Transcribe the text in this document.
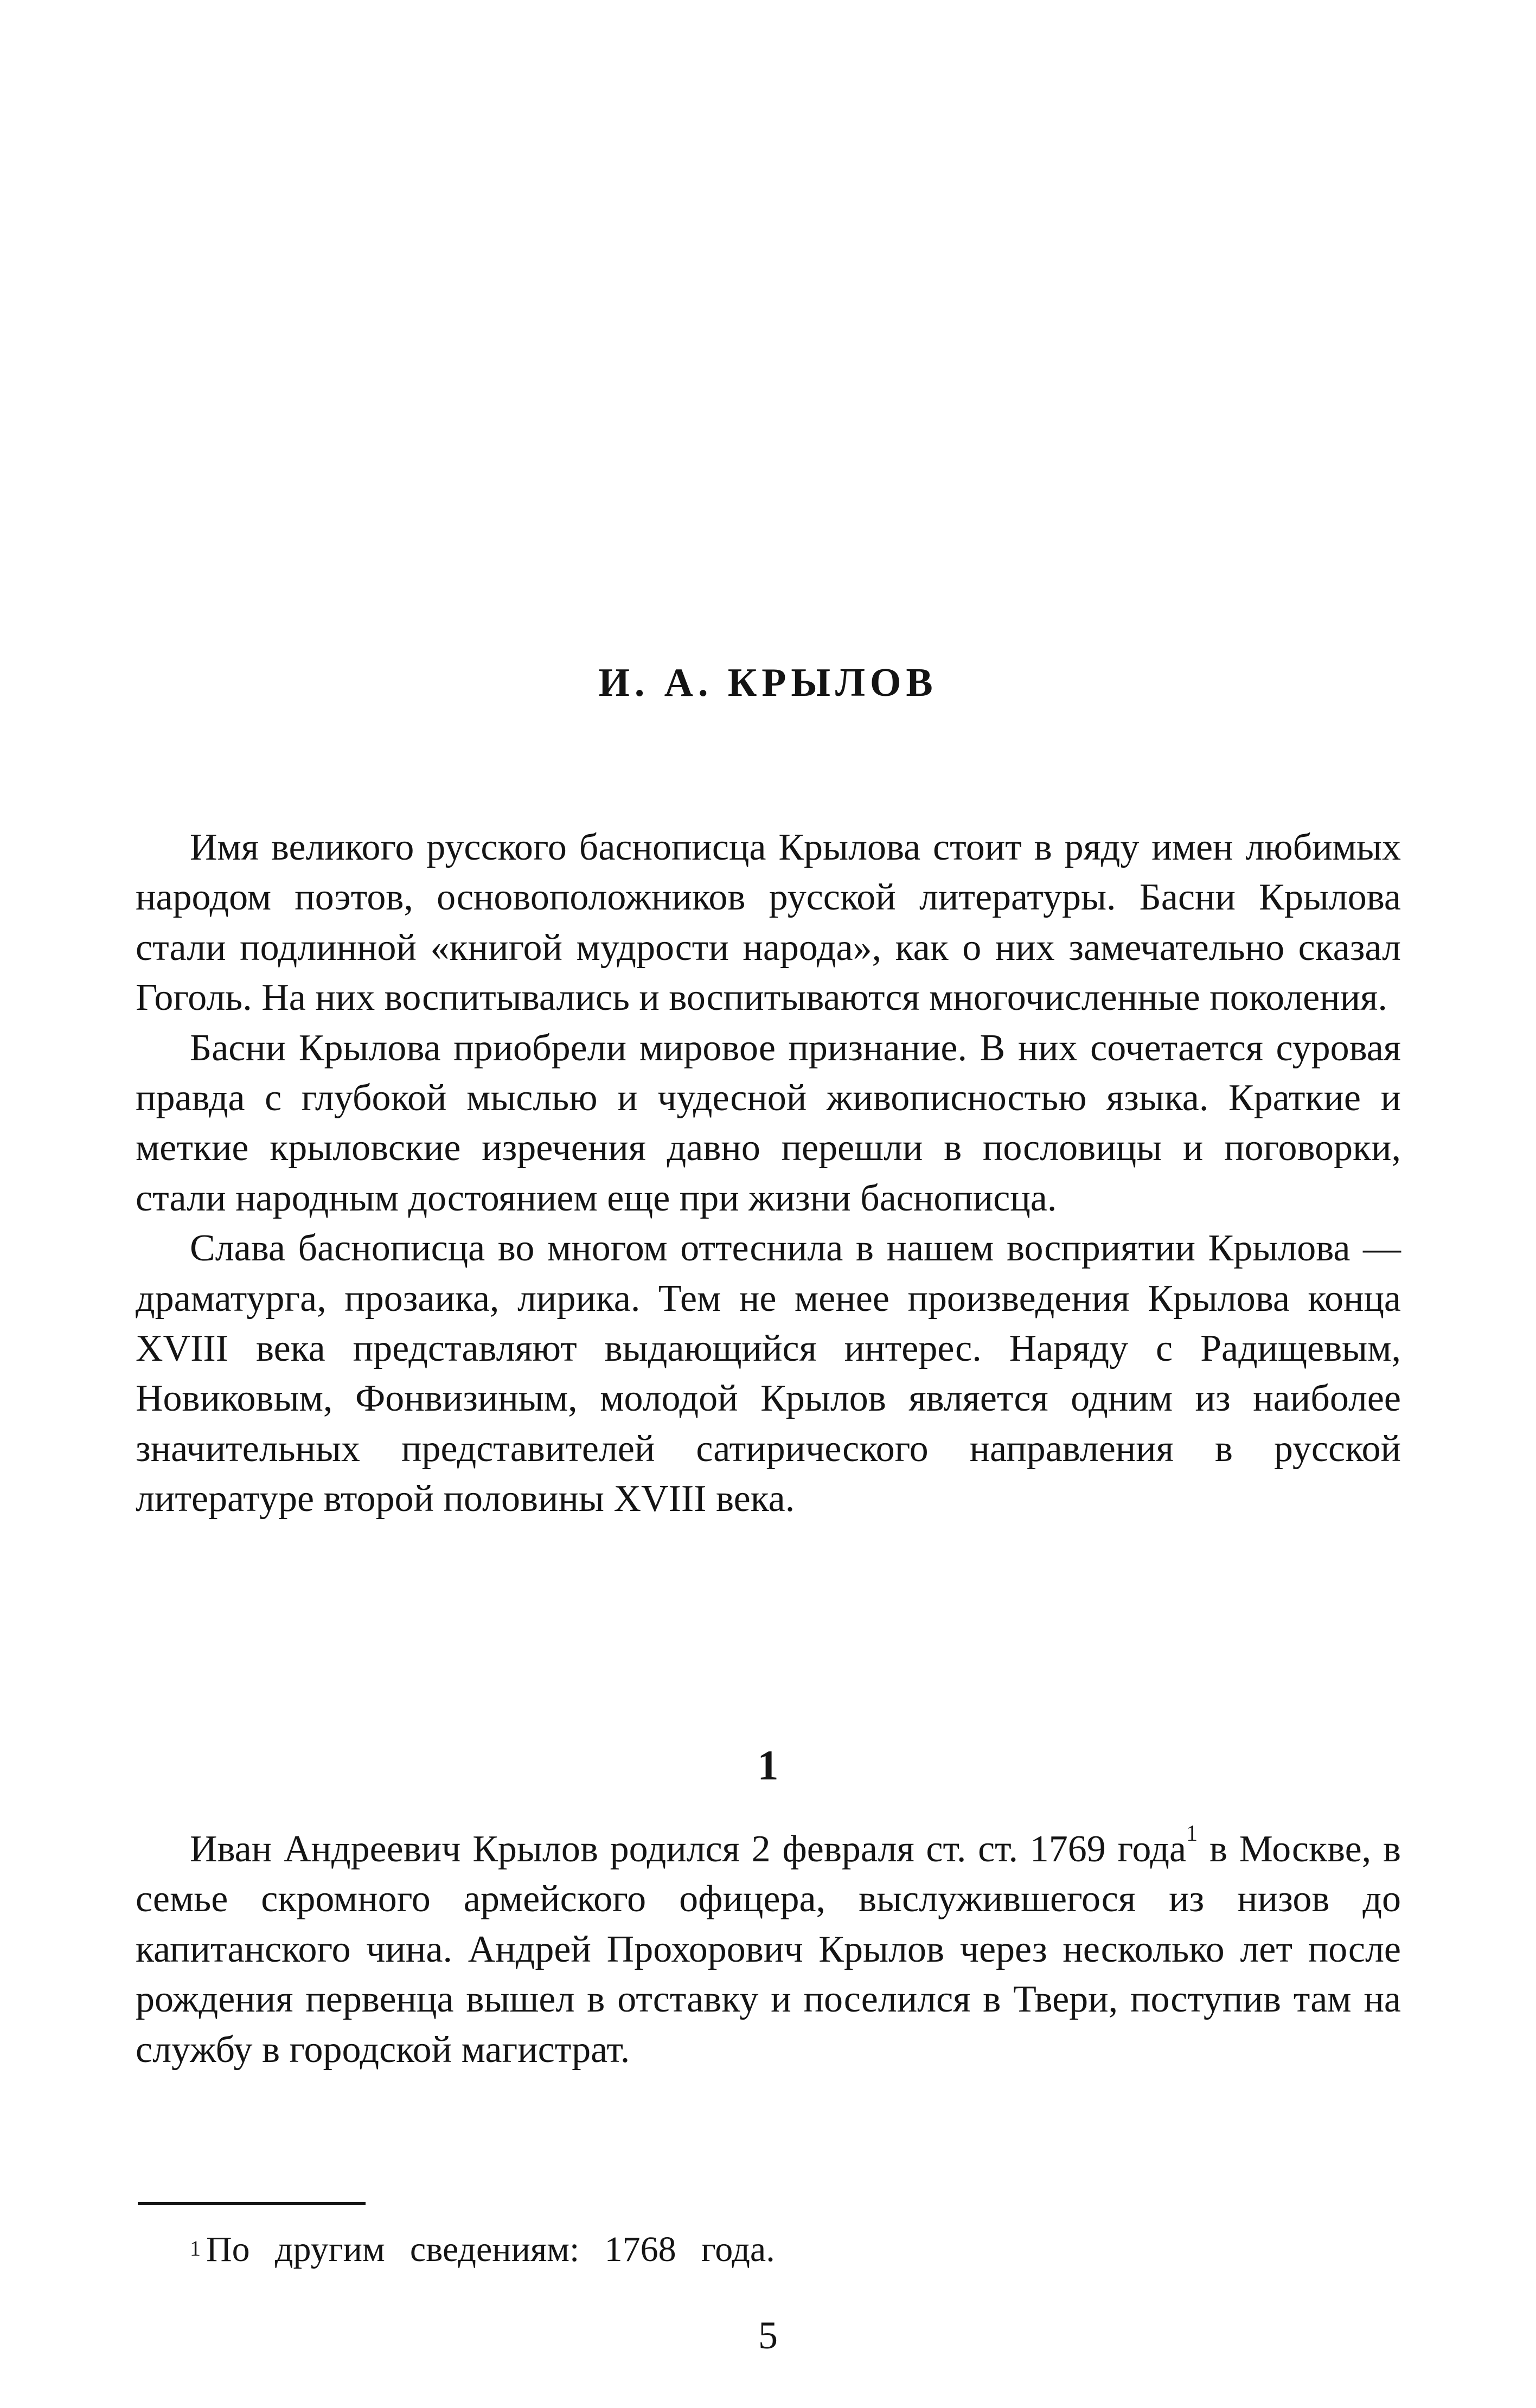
И. А. КРЫЛОВ

Имя великого русского баснописца Крылова стоит в ряду имен любимых народом поэтов, основоположников русской литературы. Басни Крылова стали подлинной «книгой мудрости народа», как о них замечательно сказал Гоголь. На них воспитывались и воспитываются многочисленные поколения.

Басни Крылова приобрели мировое признание. В них сочетается суровая правда с глубокой мыслью и чудесной живописностью языка. Краткие и меткие крыловские изречения давно перешли в пословицы и поговорки, стали народным достоянием еще при жизни баснописца.

Слава баснописца во многом оттеснила в нашем восприятии Крылова — драматурга, прозаика, лирика. Тем не менее произведения Крылова конца XVIII века представляют выдающийся интерес. Наряду с Радищевым, Новиковым, Фонвизиным, молодой Крылов является одним из наиболее значительных представителей сатирического направления в русской литературе второй половины XVIII века.

1

Иван Андреевич Крылов родился 2 февраля ст. ст. 1769 года$^1$ в Москве, в семье скромного армейского офицера, выслужившегося из низов до капитанского чина. Андрей Прохорович Крылов через несколько лет после рождения первенца вышел в отставку и поселился в Твери, поступив там на службу в городской магистрат.

$^1$ По другим сведениям: 1768 года.
5
